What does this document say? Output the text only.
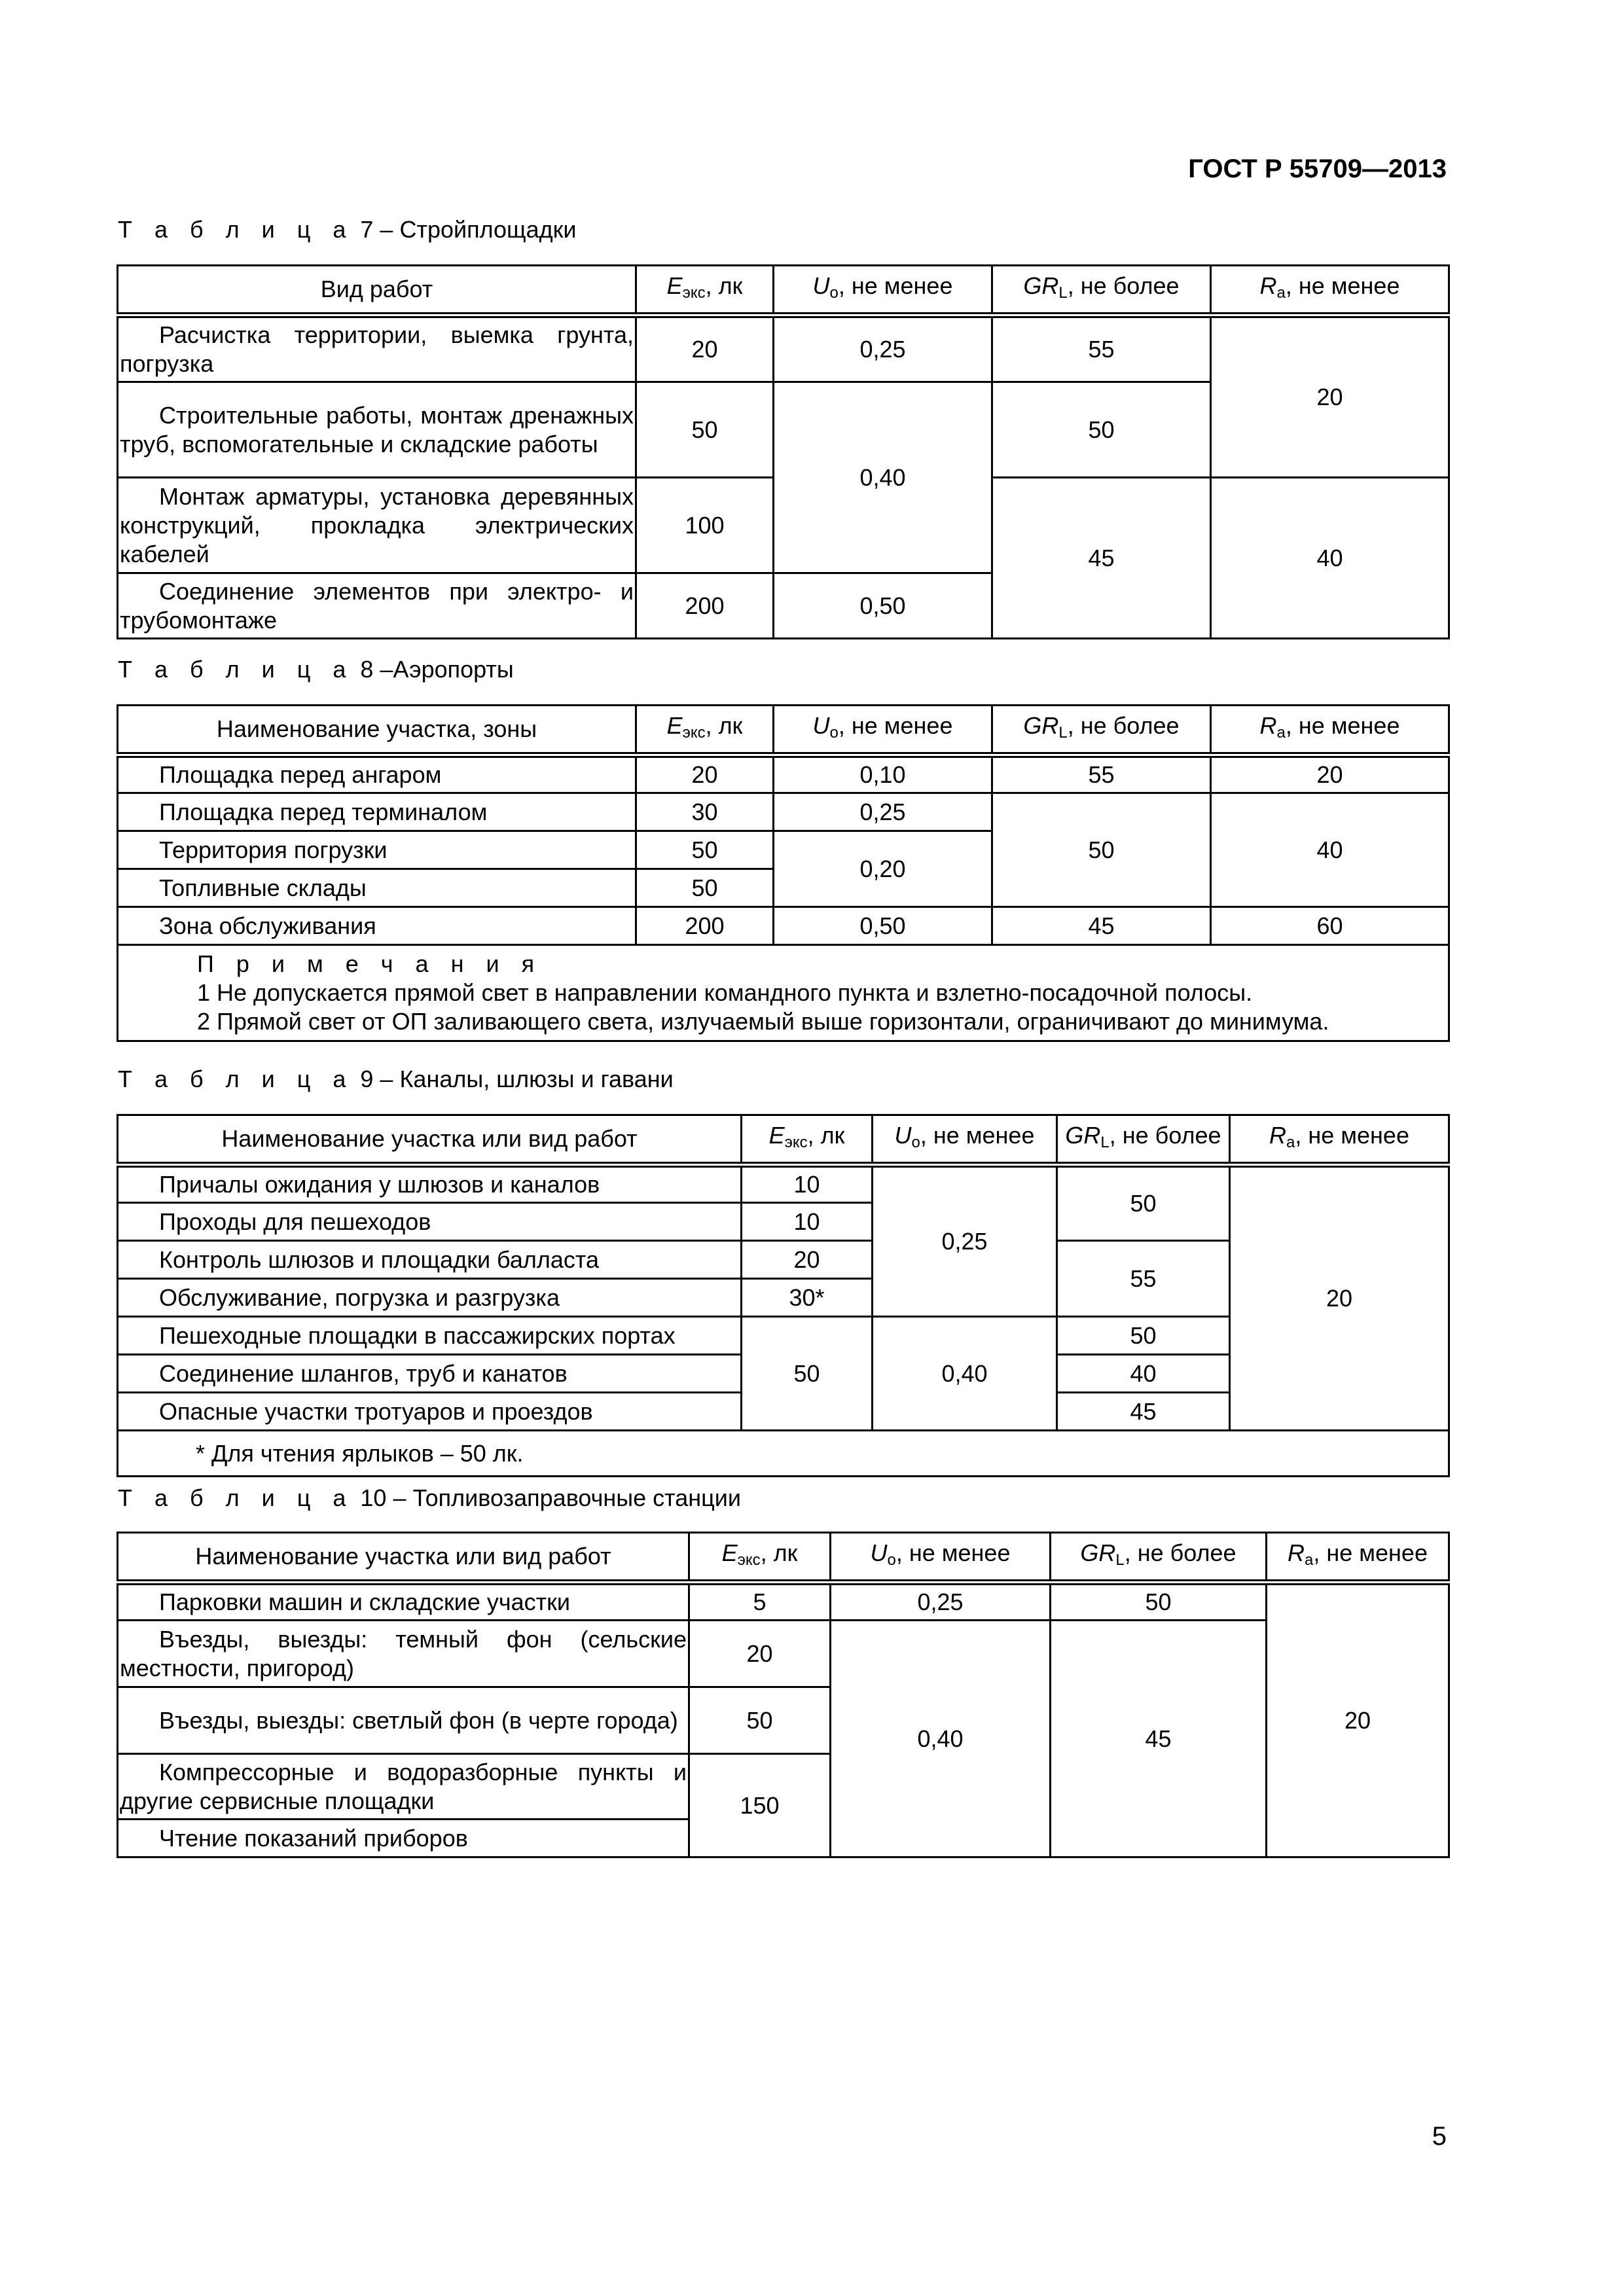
ГОСТ Р 55709—2013
Т а б л и ц а 7 – Стройплощадки
Вид работ	$E_{экс}$, лк	$U_o$, не менее	$GR_L$, не более	$R_a$, не менее
Расчистка территории, выемка грунта, погрузка	20	0,25	55	20
Строительные работы, монтаж дренажных труб, вспомогательные и складские работы	50	0,40	50	
Монтаж арматуры, установка деревянных конструкций, прокладка электрических кабелей	100		45	40
Соединение элементов при электро- и трубомонтаже	200	0,50		
Т а б л и ц а 8 –Аэропорты
Наименование участка, зоны	$E_{экс}$, лк	$U_o$, не менее	$GR_L$, не более	$R_a$, не менее
Площадка перед ангаром	20	0,10	55	20
Площадка перед терминалом	30	0,25	50	40
Территория погрузки	50	0,20		
Топливные склады	50			
Зона обслуживания	200	0,50	45	60

П р и м е ч а н и я
1 Не допускается прямой свет в направлении командного пункта и взлетно-посадочной полосы.
2 Прямой свет от ОП заливающего света, излучаемый выше горизонтали, ограничивают до минимума.				
Т а б л и ц а 9 – Каналы, шлюзы и гавани
Наименование участка или вид работ	$E_{экс}$, лк	$U_o$, не менее	$GR_L$, не более	$R_a$, не менее
Причалы ожидания у шлюзов и каналов	10	0,25	50	20
Проходы для пешеходов	10			
Контроль шлюзов и площадки балласта	20		55	
Обслуживание, погрузка и разгрузка	30*			
Пешеходные площадки в пассажирских портах	50	0,40	50	
Соединение шлангов, труб и канатов			40	
Опасные участки тротуаров и проездов			45	
* Для чтения ярлыков – 50 лк.				
Т а б л и ц а 10 – Топливозаправочные станции
Наименование участка или вид работ	$E_{экс}$, лк	$U_o$, не менее	$GR_L$, не более	$R_a$, не менее
Парковки машин и складские участки	5	0,25	50	20
Въезды, выезды: темный фон (сельские местности, пригород)	20	0,40	45	
Въезды, выезды: светлый фон (в черте города)	50			
Компрессорные и водоразборные пункты и другие сервисные площадки	150			
Чтение показаний приборов				
5
